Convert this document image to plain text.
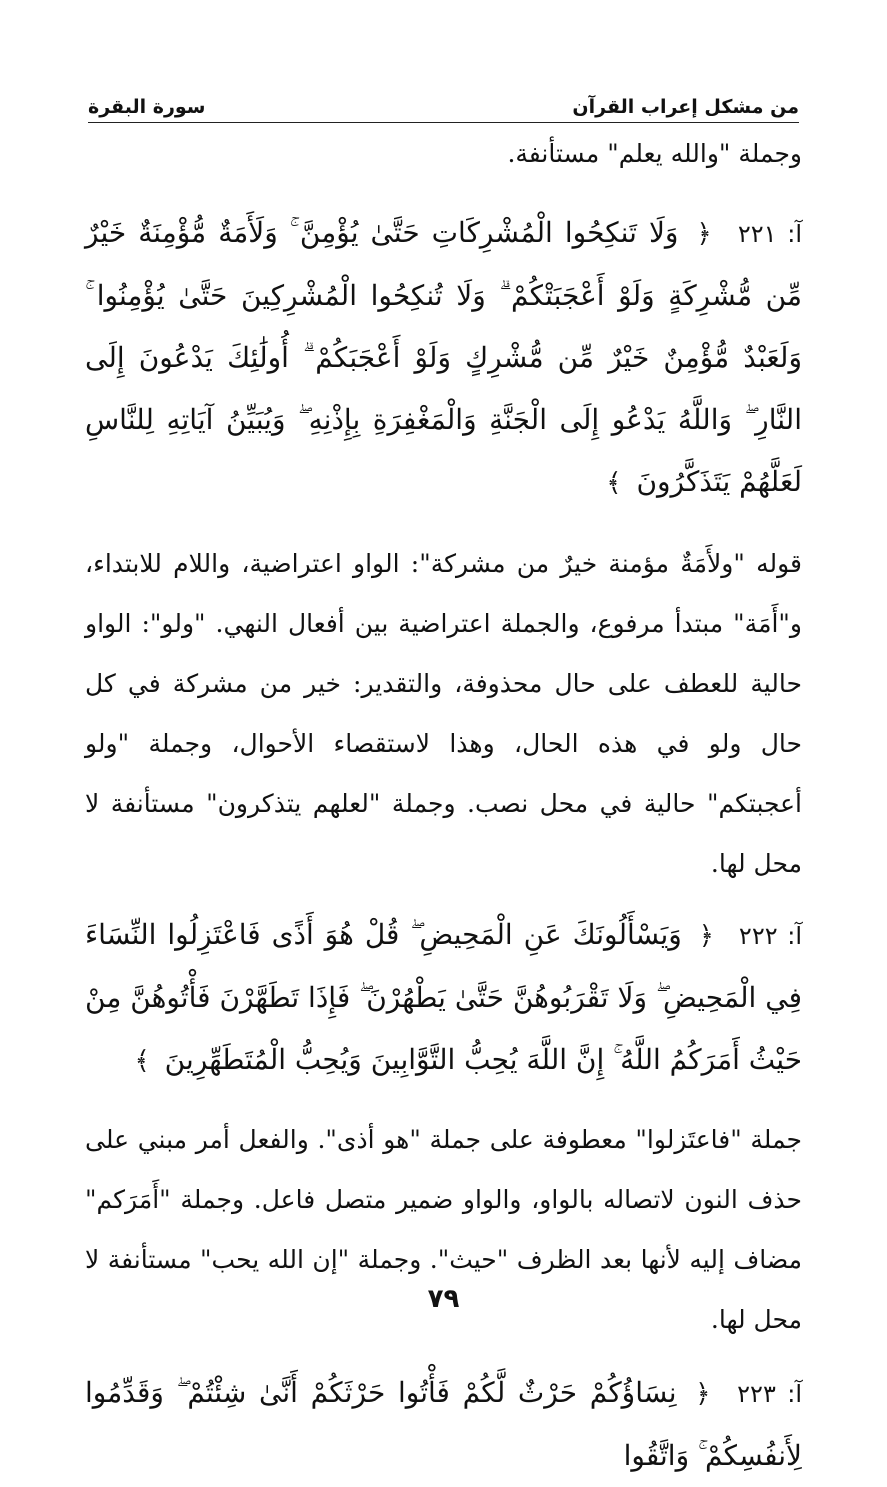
من مشكل إعراب القرآن
سورة البقرة

وجملة "والله يعلم" مستأنفة.

آ: ٢٢١ ﴿ وَلَا تَنكِحُوا الْمُشْرِكَاتِ حَتَّىٰ يُؤْمِنَّ ۚ وَلَأَمَةٌ مُّؤْمِنَةٌ خَيْرٌ مِّن مُّشْرِكَةٍ وَلَوْ أَعْجَبَتْكُمْ ۗ وَلَا تُنكِحُوا الْمُشْرِكِينَ حَتَّىٰ يُؤْمِنُوا ۚ وَلَعَبْدٌ مُّؤْمِنٌ خَيْرٌ مِّن مُّشْرِكٍ وَلَوْ أَعْجَبَكُمْ ۗ أُولَٰئِكَ يَدْعُونَ إِلَى النَّارِ ۖ وَاللَّهُ يَدْعُو إِلَى الْجَنَّةِ وَالْمَغْفِرَةِ بِإِذْنِهِ ۖ وَيُبَيِّنُ آيَاتِهِ لِلنَّاسِ لَعَلَّهُمْ يَتَذَكَّرُونَ ﴾

قوله "ولأَمَةٌ مؤمنة خيرٌ من مشركة": الواو اعتراضية، واللام للابتداء، و"أَمَة" مبتدأ مرفوع، والجملة اعتراضية بين أفعال النهي. "ولو": الواو حالية للعطف على حال محذوفة، والتقدير: خير من مشركة في كل حال ولو في هذه الحال، وهذا لاستقصاء الأحوال، وجملة "ولو أعجبتكم" حالية في محل نصب. وجملة "لعلهم يتذكرون" مستأنفة لا محل لها.

آ: ٢٢٢ ﴿ وَيَسْأَلُونَكَ عَنِ الْمَحِيضِ ۖ قُلْ هُوَ أَذًى فَاعْتَزِلُوا النِّسَاءَ فِي الْمَحِيضِ ۖ وَلَا تَقْرَبُوهُنَّ حَتَّىٰ يَطْهُرْنَ ۖ فَإِذَا تَطَهَّرْنَ فَأْتُوهُنَّ مِنْ حَيْثُ أَمَرَكُمُ اللَّهُ ۚ إِنَّ اللَّهَ يُحِبُّ التَّوَّابِينَ وَيُحِبُّ الْمُتَطَهِّرِينَ ﴾

جملة "فاعتَزلوا" معطوفة على جملة "هو أذى". والفعل أمر مبني على حذف النون لاتصاله بالواو، والواو ضمير متصل فاعل. وجملة "أَمَرَكم" مضاف إليه لأنها بعد الظرف "حيث". وجملة "إن الله يحب" مستأنفة لا محل لها.

آ: ٢٢٣ ﴿ نِسَاؤُكُمْ حَرْثٌ لَّكُمْ فَأْتُوا حَرْثَكُمْ أَنَّىٰ شِئْتُمْ ۖ وَقَدِّمُوا لِأَنفُسِكُمْ ۚ وَاتَّقُوا

٧٩
